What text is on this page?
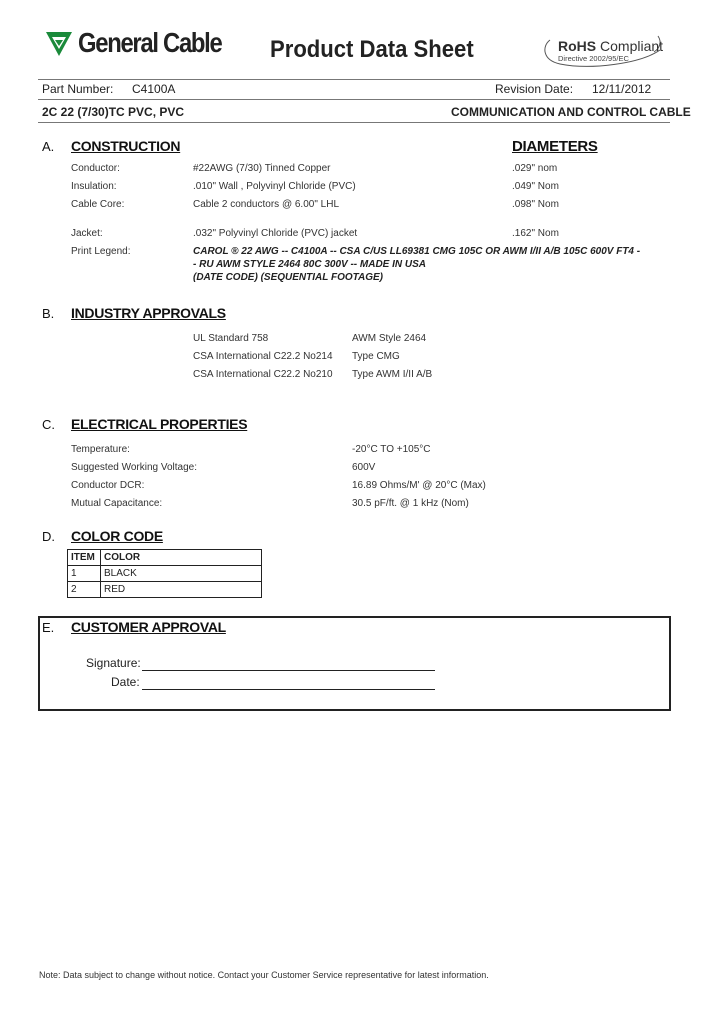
General Cable Product Data Sheet	RoHS Compliant
Directive 2002/95/EC
Part Number: C4100A	Revision Date: 12/11/2012
2C 22 (7/30)TC PVC, PVC	COMMUNICATION AND CONTROL CABLE
A. CONSTRUCTION	DIAMETERS
Conductor:	#22AWG (7/30) Tinned Copper	.029" nom
Insulation:	.010" Wall , Polyvinyl Chloride (PVC)	.049" Nom
Cable Core:	Cable 2 conductors @ 6.00" LHL	.098" Nom
Jacket:	.032" Polyvinyl Chloride (PVC) jacket	.162" Nom
Print Legend:	CAROL ® 22 AWG -- C4100A -- CSA C/US LL69381 CMG 105C OR AWM I/II A/B 105C 600V FT4 -
- RU AWM STYLE 2464 80C 300V -- MADE IN USA
(DATE CODE) (SEQUENTIAL FOOTAGE)
B. INDUSTRY APPROVALS
UL Standard 758	AWM Style 2464
CSA International C22.2 No214 Type CMG
CSA International C22.2 No210 Type AWM I/II A/B
C. ELECTRICAL PROPERTIES
Temperature:	-20°C TO +105°C
Suggested Working Voltage:	600V
Conductor DCR:	16.89 Ohms/M' @ 20°C (Max)
Mutual Capacitance:	30.5 pF/ft. @ 1 kHz (Nom)
D. COLOR CODE
ITEM	COLOR
1	BLACK
2	RED
E. CUSTOMER APPROVAL
Signature:
Date:
Note: Data subject to change without notice. Contact your Customer Service representative for latest information.
